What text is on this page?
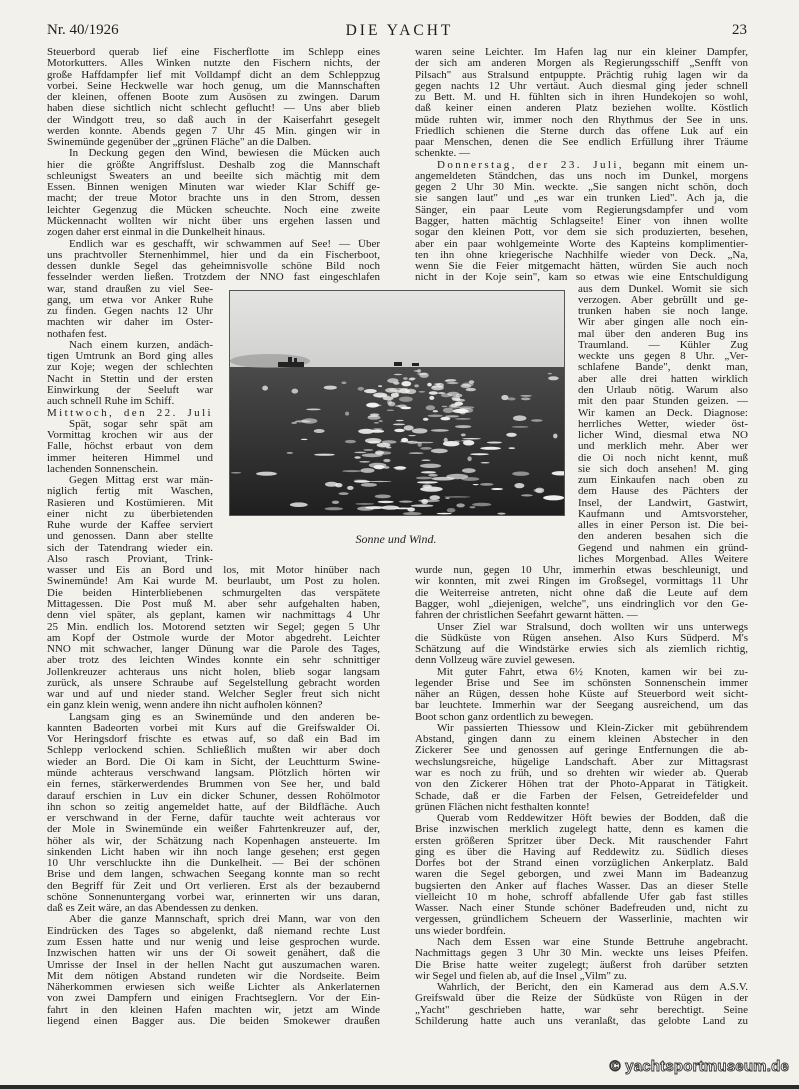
Nr. 40/1926	DIE YACHT	23
Steuerbord querab lief eine Fischerflotte im Schlepp eines
Motorkutters. Alles Winken nutzte den Fischern nichts, der
große Haffdampfer lief mit Volldampf dicht an dem Schleppzug
vorbei. Seine Heckwelle war hoch genug, um die Mannschaften
der kleinen, offenen Boote zum Ausösen zu zwingen. Darum
haben diese sichtlich nicht schlecht geflucht! — Uns aber blieb
der Windgott treu, so daß auch in der Kaiserfahrt gesegelt
werden konnte. Abends gegen 7 Uhr 45 Min. gingen wir in
Swinemünde gegenüber der „grünen Fläche" an die Dalben.
In Deckung gegen den Wind, bewiesen die Mücken auch
hier die größte Angriffslust. Deshalb zog die Mannschaft
schleunigst Sweaters an und beeilte sich mächtig mit dem
Essen. Binnen wenigen Minuten war wieder Klar Schiff ge-
macht; der treue Motor brachte uns in den Strom, dessen
leichter Gegenzug die Mücken scheuchte. Noch eine zweite
Mückennacht wollten wir nicht über uns ergehen lassen und
zogen daher erst einmal in die Dunkelheit hinaus.
Endlich war es geschafft, wir schwammen auf See! — Über
uns prachtvoller Sternenhimmel, hier und da ein Fischerboot,
dessen dunkle Segel das geheimnisvolle schöne Bild noch
fesselnder werden ließen. Trotzdem der NNO fast eingeschlafen
war, stand draußen zu viel See-
gang, um etwa vor Anker Ruhe
zu finden. Gegen nachts 12 Uhr
machten wir daher im Oster-
nothafen fest.
Nach einem kurzen, andäch-
tigen Umtrunk an Bord ging alles
zur Koje; wegen der schlechten
Nacht in Stettin und der ersten
Einwirkung der Seeluft war
auch schnell Ruhe im Schiff.
Mittwoch, den 22. Juli
Spät, sogar sehr spät am
Vormittag krochen wir aus der
Falle, höchst erbaut von dem
immer heiteren Himmel und
lachenden Sonnenschein.
Gegen Mittag erst war män-
niglich fertig mit Waschen,
Rasieren und Kostümieren. Mit
einer nicht zu überbietenden
Ruhe wurde der Kaffee serviert
und genossen. Dann aber stellte
sich der Tatendrang wieder ein.
Also rasch Proviant, Trink-
wasser und Eis an Bord und los, mit Motor hinüber nach
Swinemünde! Am Kai wurde M. beurlaubt, um Post zu holen.
Die beiden Hinterbliebenen schmurgelten das verspätete
Mittagessen. Die Post muß M. aber sehr aufgehalten haben,
denn viel später, als geplant, kamen wir nachmittags 4 Uhr
25 Min. endlich los. Motorend setzten wir Segel; gegen 5 Uhr
am Kopf der Ostmole wurde der Motor abgedreht. Leichter
NNO mit schwacher, langer Dünung war die Parole des Tages,
aber trotz des leichten Windes konnte ein sehr schnittiger
Jollenkreuzer achteraus uns nicht holen, blieb sogar langsam
zurück, als unsere Schraube auf Segelstellung gebracht worden
war und auf und nieder stand. Welcher Segler freut sich nicht
ein ganz klein wenig, wenn andere ihn nicht aufholen können?
Langsam ging es an Swinemünde und den anderen be-
kannten Badeorten vorbei mit Kurs auf die Greifswalder Oi.
Vor Heringsdorf frischte es etwas auf, so daß ein Bad im
Schlepp verlockend schien. Schließlich mußten wir aber doch
wieder an Bord. Die Oi kam in Sicht, der Leuchtturm Swine-
münde achteraus verschwand langsam. Plötzlich hörten wir
ein fernes, stärkerwerdendes Brummen von See her, und bald
darauf erschien in Luv ein dicker Schuner, dessen Rohölmotor
ihn schon so zeitig angemeldet hatte, auf der Bildfläche. Auch
er verschwand in der Ferne, dafür tauchte weit achteraus vor
der Mole in Swinemünde ein weißer Fahrtenkreuzer auf, der,
höher als wir, der Schätzung nach Kopenhagen ansteuerte. Im
sinkenden Licht haben wir ihn noch lange gesehen; erst gegen
10 Uhr verschluckte ihn die Dunkelheit. — Bei der schönen
Brise und dem langen, schwachen Seegang konnte man so recht
den Begriff für Zeit und Ort verlieren. Erst als der bezaubernd
schöne Sonnenuntergang vorbei war, erinnerten wir uns daran,
daß es Zeit wäre, an das Abendessen zu denken.
Aber die ganze Mannschaft, sprich drei Mann, war von den
Eindrücken des Tages so abgelenkt, daß niemand rechte Lust
zum Essen hatte und nur wenig und leise gesprochen wurde.
Inzwischen hatten wir uns der Oi soweit genähert, daß die
Umrisse der Insel in der hellen Nacht gut auszumachen waren.
Mit dem nötigen Abstand rundeten wir die Nordseite. Beim
Näherkommen erwiesen sich weiße Lichter als Ankerlaternen
von zwei Dampfern und einigen Frachtseglern. Vor der Ein-
fahrt in den kleinen Hafen machten wir, jetzt am Winde
liegend einen Bagger aus. Die beiden Smokewer draußen
waren seine Leichter. Im Hafen lag nur ein kleiner Dampfer,
der sich am anderen Morgen als Regierungsschiff „Senfft von
Pilsach" aus Stralsund entpuppte. Prächtig ruhig lagen wir da
gegen nachts 12 Uhr vertäut. Auch diesmal ging jeder schnell
zu Bett. M. und H. fühlten sich in ihren Hundekojen so wohl,
daß keiner einen anderen Platz beziehen wollte. Köstlich
müde ruhten wir, immer noch den Rhythmus der See in uns.
Friedlich schienen die Sterne durch das offene Luk auf ein
paar Menschen, denen die See endlich Erfüllung ihrer Träume
schenkte. —
Donnerstag, der 23. Juli, begann mit einem un-
angemeldeten Ständchen, das uns noch im Dunkel, morgens
gegen 2 Uhr 30 Min. weckte. „Sie sangen nicht schön, doch
sie sangen laut" und „es war ein trunken Lied". Ach ja, die
Sänger, ein paar Leute vom Regierungsdampfer und vom
Bagger, hatten mächtig Schlagseite! Einer von ihnen wollte
sogar den kleinen Pott, vor dem sie sich produzierten, besehen,
aber ein paar wohlgemeinte Worte des Kapteins komplimentier-
ten ihn ohne kriegerische Nachhilfe wieder von Deck. „Na,
wenn Sie die Feier mitgemacht hätten, würden Sie auch noch
nicht in der Koje sein", kam so etwas wie eine Entschuldigung
aus dem Dunkel. Womit sie sich
verzogen. Aber gebrüllt und ge-
trunken haben sie noch lange.
Wir aber gingen alle noch ein-
mal über den anderen Bug ins
Traumland. — Kühler Zug
weckte uns gegen 8 Uhr. „Ver-
schlafene Bande", denkt man,
aber alle drei hatten wirklich
den Urlaub nötig. Warum also
mit den paar Stunden geizen. —
Wir kamen an Deck. Diagnose:
herrliches Wetter, wieder öst-
licher Wind, diesmal etwa NO
und merklich mehr. Aber wer
die Oi noch nicht kennt, muß
sie sich doch ansehen! M. ging
zum Einkaufen nach oben zu
dem Hause des Pächters der
Insel, der Landwirt, Gastwirt,
Kaufmann und Amtsvorsteher,
alles in einer Person ist. Die bei-
den anderen besahen sich die
Gegend und nahmen ein gründ-
liches Morgenbad. Alles Weitere
wurde nun, gegen 10 Uhr, immerhin etwas beschleunigt, und
wir konnten, mit zwei Ringen im Großsegel, vormittags 11 Uhr
die Weiterreise antreten, nicht ohne daß die Leute auf dem
Bagger, wohl „diejenigen, welche", uns eindringlich vor den Ge-
fahren der christlichen Seefahrt gewarnt hätten. —
Unser Ziel war Stralsund, doch wollten wir uns unterwegs
die Südküste von Rügen ansehen. Also Kurs Südperd. M's
Schätzung auf die Windstärke erwies sich als ziemlich richtig,
denn Vollzeug wäre zuviel gewesen.
Mit guter Fahrt, etwa 6½ Knoten, kamen wir bei zu-
legender Brise und See im schönsten Sonnenschein immer
näher an Rügen, dessen hohe Küste auf Steuerbord weit sicht-
bar leuchtete. Immerhin war der Seegang ausreichend, um das
Boot schon ganz ordentlich zu bewegen.
Wir passierten Thiessow und Klein-Zicker mit gebührendem
Abstand, gingen dann zu einem kleinen Abstecher in den
Zickerer See und genossen auf geringe Entfernungen die ab-
wechslungsreiche, hügelige Landschaft. Aber zur Mittagsrast
war es noch zu früh, und so drehten wir wieder ab. Querab
von den Zickerer Höhen trat der Photo-Apparat in Tätigkeit.
Schade, daß er die Farben der Felsen, Getreidefelder und
grünen Flächen nicht festhalten konnte!
Querab vom Reddewitzer Höft bewies der Bodden, daß die
Brise inzwischen merklich zugelegt hatte, denn es kamen die
ersten größeren Spritzer über Deck. Mit rauschender Fahrt
ging es über die Having auf Reddewitz zu. Südlich dieses
Dorfes bot der Strand einen vorzüglichen Ankerplatz. Bald
waren die Segel geborgen, und zwei Mann im Badeanzug
bugsierten den Anker auf flaches Wasser. Das an dieser Stelle
vielleicht 10 m hohe, schroff abfallende Ufer gab fast stilles
Wasser. Nach einer Stunde schöner Badefreuden und, nicht zu
vergessen, gründlichem Scheuern der Wasserlinie, machten wir
uns wieder bordfein.
Nach dem Essen war eine Stunde Bettruhe angebracht.
Nachmittags gegen 3 Uhr 30 Min. weckte uns leises Pfeifen.
Die Brise hatte weiter zugelegt; äußerst froh darüber setzten
wir Segel und fielen ab, auf die Insel „Vilm" zu.
Wahrlich, der Bericht, den ein Kamerad aus dem A.S.V.
Greifswald über die Reize der Südküste von Rügen in der
„Yacht" geschrieben hatte, war sehr berechtigt. Seine
Schilderung hatte auch uns veranlaßt, das gelobte Land zu
Sonne und Wind.
© yachtsportmuseum.de
